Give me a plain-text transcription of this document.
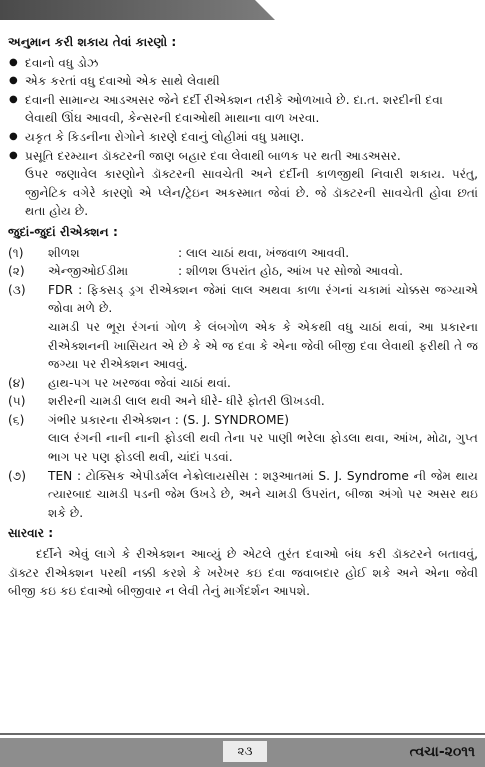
અનુમાન કરી શકાય તેવાં કારણો :
● દવાનો વધુ ડોઝ
● એક કરતાં વધુ દવાઓ એક સાથે લેવાથી
● દવાની સામાન્ય આડઅસર જેને દર્દી રીએક્શન તરીકે ઓળખાવે છે. દા.ત. શરદીની દવા લેવાથી ઊંઘ આવવી, કેન્સરની દવાઓથી માથાના વાળ ખરવા.
● યકૃત કે કિડનીના રોગોને કારણે દવાનું લોહીમાં વધુ પ્રમાણ.
● પ્રસૂતિ દરમ્યાન ડૉક્ટરની જાણ બહાર દવા લેવાથી બાળક પર થતી આડઅસર.
ઉપર જણાવેલ કારણોને ડૉક્ટરની સાવચેતી અને દર્દીની કાળજીથી નિવારી શકાય. પરંતુ, જીનેટિક વગેરે કારણો એ પ્લેન/ટ્રેઇન અકસ્માત જેવાં છે. જે ડૉક્ટરની સાવચેતી હોવા છતાં થતા હોય છે.
જુદાં-જુદાં રીએક્શન :
(૧)	શીળશ	: લાલ ચાઠાં થવા, ખંજવાળ આવવી.
(૨)	એન્જીઓઈડીમા	: શીળશ ઉપરાંત હોઠ, આંખ પર સોજો આવવો.
(૩)	FDR : ફિક્સડ્ ડ્રગ રીએક્શન જેમાં લાલ અથવા કાળા રંગનાં ચકામાં ચોક્કસ જગ્યાએ જોવા મળે છે.
ચામડી પર ભૂરા રંગનાં ગોળ કે લંબગોળ એક કે એકથી વધુ ચાઠાં થવાં, આ પ્રકારના રીએક્શનની ખાસિયત એ છે કે એ જ દવા કે એના જેવી બીજી દવા લેવાથી ફરીથી તે જ જગ્યા પર રીએક્શન આવવું.
(૪)	હાથ-પગ પર ખરજવા જેવાં ચાઠાં થવાં.
(૫)	શરીરની ચામડી લાલ થવી અને ધીરે- ધીરે ફોતરી ઊખડવી.
(૬)	ગંભીર પ્રકારના રીએક્શન : (S. J. SYNDROME)
લાલ રંગની નાની નાની ફોડલી થવી તેના પર પાણી ભરેલા ફોડલા થવા, આંખ, મોઢા, ગુપ્ત ભાગ પર પણ ફોડલી થવી, ચાંદાં પડવાં.
(૭)	TEN : ટોક્સિક એપીડર્મલ નેક્રોલાયસીસ : શરૂઆતમાં S. J. Syndrome ની જેમ થાય ત્યારબાદ ચામડી પડની જેમ ઉખડે છે, અને ચામડી ઉપરાંત, બીજા અંગો પર અસર થઇ શકે છે.
સારવાર :
દર્દીને એવું લાગે કે રીએક્શન આવ્યું છે એટલે તુરંત દવાઓ બંધ કરી ડૉક્ટરને બતાવવું, ડૉક્ટર રીએક્શન પરથી નક્કી કરશે કે ખરેખર કઇ દવા જવાબદાર હોઈ શકે અને એના જેવી બીજી કઇ કઇ દવાઓ બીજીવાર ન લેવી તેનું માર્ગદર્શન આપશે.
૨૩	ત્વચા-૨૦૧૧
